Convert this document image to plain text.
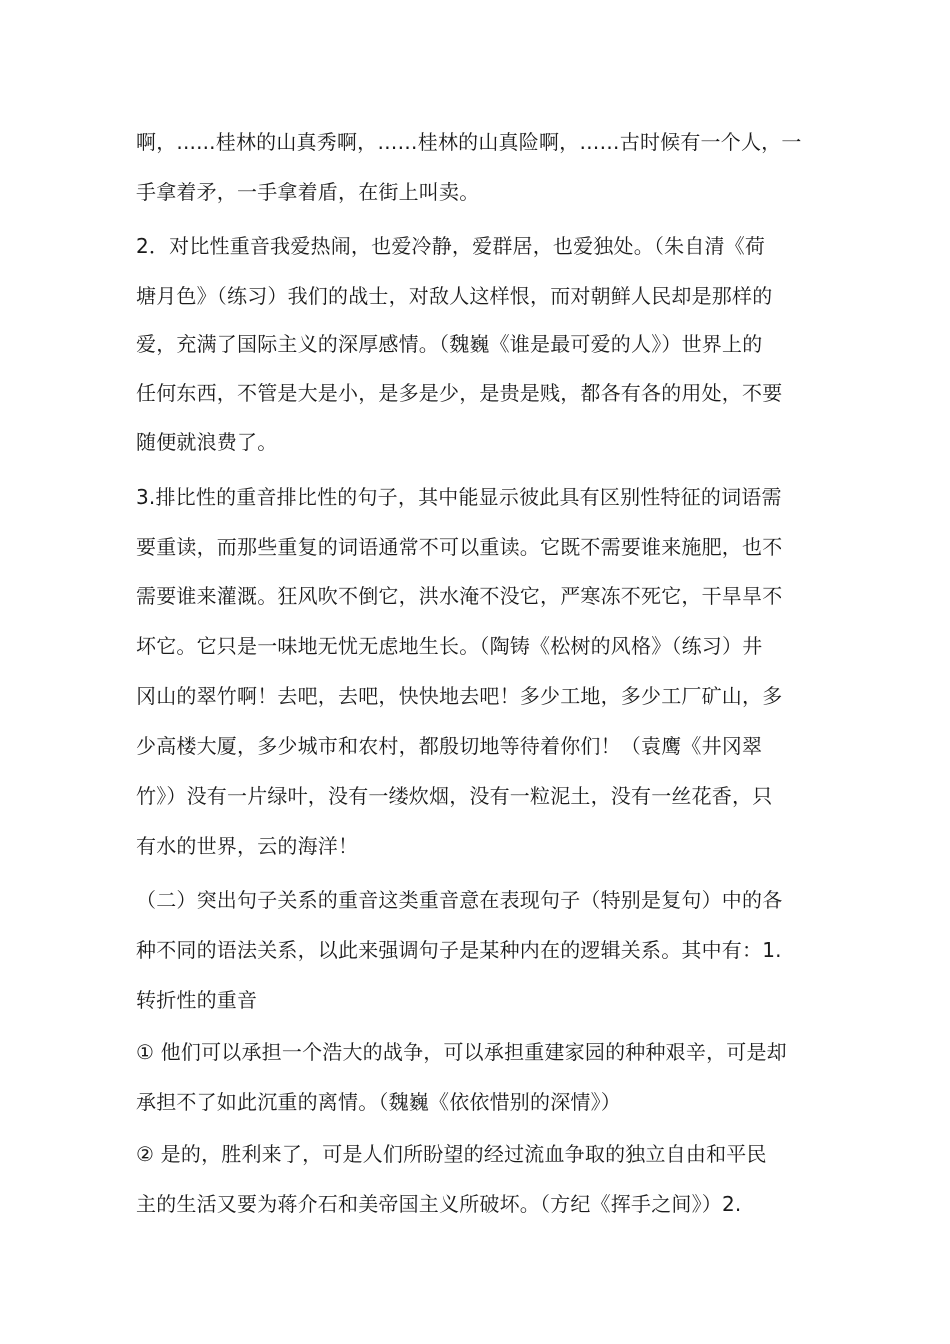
啊，......桂林的山真秀啊，……桂林的山真险啊，……古时候有一个人，一
手拿着矛，一手拿着盾，在街上叫卖。
2．对比性重音我爱热闹，也爱冷静，爱群居，也爱独处。（朱自清《荷
塘月色》（练习）我们的战士，对敌人这样恨，而对朝鲜人民却是那样的
爱，充满了国际主义的深厚感情。（魏巍《谁是最可爱的人》）世界上的
任何东西，不管是大是小，是多是少，是贵是贱，都各有各的用处，不要
随便就浪费了。
3.排比性的重音排比性的句子，其中能显示彼此具有区别性特征的词语需
要重读，而那些重复的词语通常不可以重读。它既不需要谁来施肥，也不
需要谁来灌溉。狂风吹不倒它，洪水淹不没它，严寒冻不死它，干旱旱不
坏它。它只是一味地无忧无虑地生长。（陶铸《松树的风格》（练习）井
冈山的翠竹啊！去吧，去吧，快快地去吧！多少工地，多少工厂矿山，多
少高楼大厦，多少城市和农村，都殷切地等待着你们！（袁鹰《井冈翠
竹》）没有一片绿叶，没有一缕炊烟，没有一粒泥土，没有一丝花香，只
有水的世界，云的海洋！
（二）突出句子关系的重音这类重音意在表现句子（特别是复句）中的各
种不同的语法关系，以此来强调句子是某种内在的逻辑关系。其中有：1.
转折性的重音
① 他们可以承担一个浩大的战争，可以承担重建家园的种种艰辛，可是却
承担不了如此沉重的离情。（魏巍《依依惜别的深情》）
② 是的，胜利来了，可是人们所盼望的经过流血争取的独立自由和平民
主的生活又要为蒋介石和美帝国主义所破坏。（方纪《挥手之间》）2.
